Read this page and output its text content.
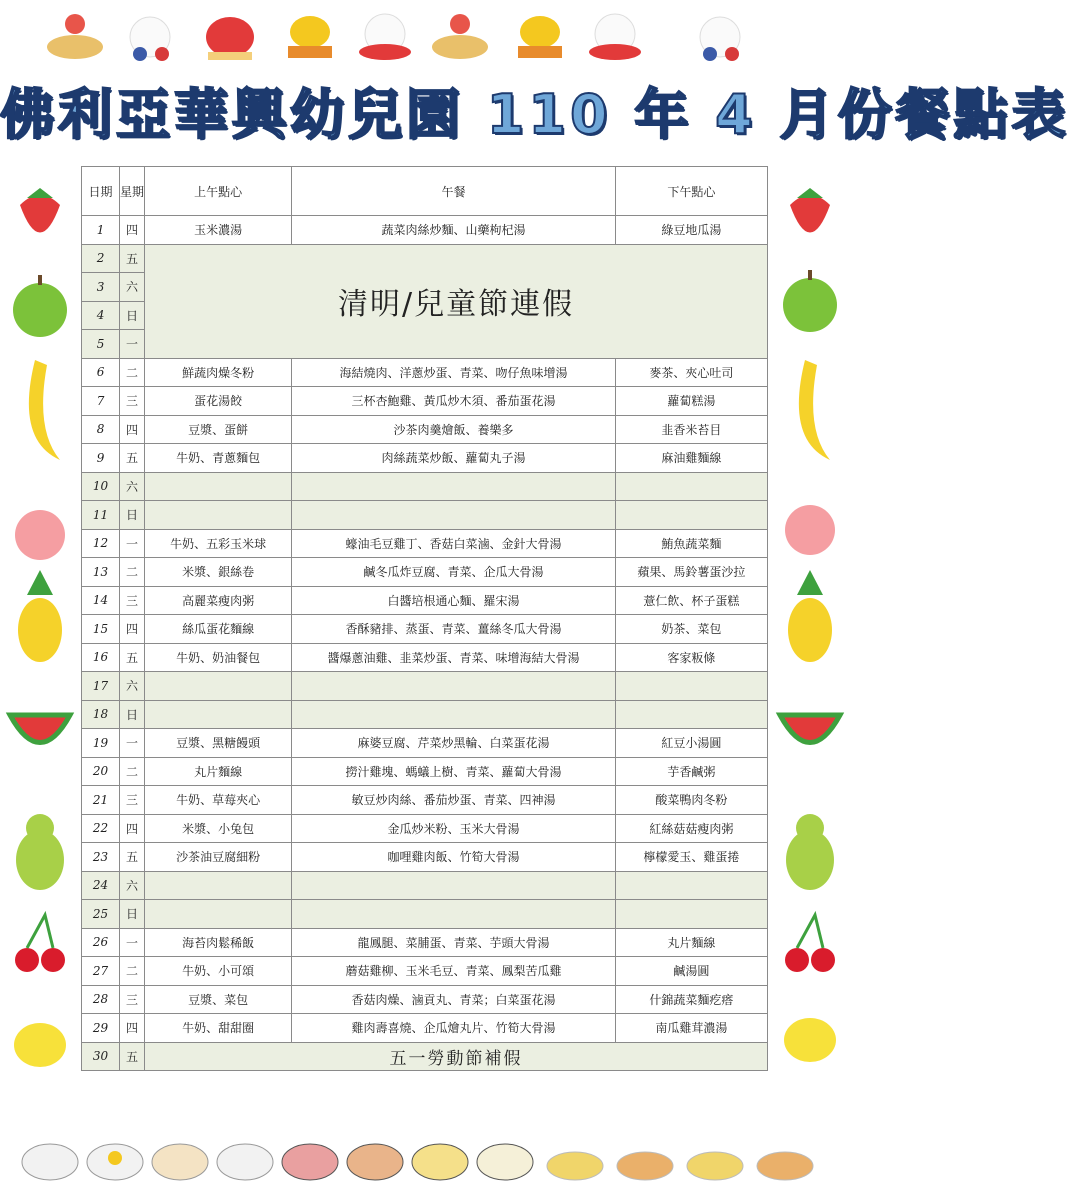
佛利亞華興幼兒園 110 年 4 月份餐點表
日期	星期	上午點心	午餐	下午點心
1	四	玉米濃湯	蔬菜肉絲炒麵、山藥枸杞湯	綠豆地瓜湯
2	五	清明/兒童節連假		
3	六			
4	日			
5	一			
6	二	鮮蔬肉燥冬粉	海結燒肉、洋蔥炒蛋、青菜、吻仔魚味增湯	麥茶、夾心吐司
7	三	蛋花湯餃	三杯杏鮑雞、黃瓜炒木須、番茄蛋花湯	蘿蔔糕湯
8	四	豆漿、蛋餅	沙茶肉羹燴飯、養樂多	韭香米苔目
9	五	牛奶、青蔥麵包	肉絲蔬菜炒飯、蘿蔔丸子湯	麻油雞麵線
10	六			
11	日			
12	一	牛奶、五彩玉米球	蠔油毛豆雞丁、香菇白菜滷、金針大骨湯	鮪魚蔬菜麵
13	二	米漿、銀絲卷	鹹冬瓜炸豆腐、青菜、企瓜大骨湯	蘋果、馬鈴薯蛋沙拉
14	三	高麗菜瘦肉粥	白醬培根通心麵、羅宋湯	薏仁飲、杯子蛋糕
15	四	絲瓜蛋花麵線	香酥豬排、蒸蛋、青菜、薑絲冬瓜大骨湯	奶茶、菜包
16	五	牛奶、奶油餐包	醬爆蔥油雞、韭菜炒蛋、青菜、味增海結大骨湯	客家粄條
17	六			
18	日			
19	一	豆漿、黑糖饅頭	麻婆豆腐、芹菜炒黑輪、白菜蛋花湯	紅豆小湯圓
20	二	丸片麵線	撈汁雞塊、螞蟻上樹、青菜、蘿蔔大骨湯	芋香鹹粥
21	三	牛奶、草莓夾心	敏豆炒肉絲、番茄炒蛋、青菜、四神湯	酸菜鴨肉冬粉
22	四	米漿、小兔包	金瓜炒米粉、玉米大骨湯	紅絲菇菇瘦肉粥
23	五	沙茶油豆腐細粉	咖哩雞肉飯、竹筍大骨湯	檸檬愛玉、雞蛋捲
24	六			
25	日			
26	一	海苔肉鬆稀飯	龍鳳腿、菜脯蛋、青菜、芋頭大骨湯	丸片麵線
27	二	牛奶、小可頌	蘑菇雞柳、玉米毛豆、青菜、鳳梨苦瓜雞	鹹湯圓
28	三	豆漿、菜包	香菇肉燥、滷貢丸、青菜；白菜蛋花湯	什錦蔬菜麵疙瘩
29	四	牛奶、甜甜圈	雞肉壽喜燒、企瓜燴丸片、竹筍大骨湯	南瓜雞茸濃湯
30	五	五一勞動節補假		
